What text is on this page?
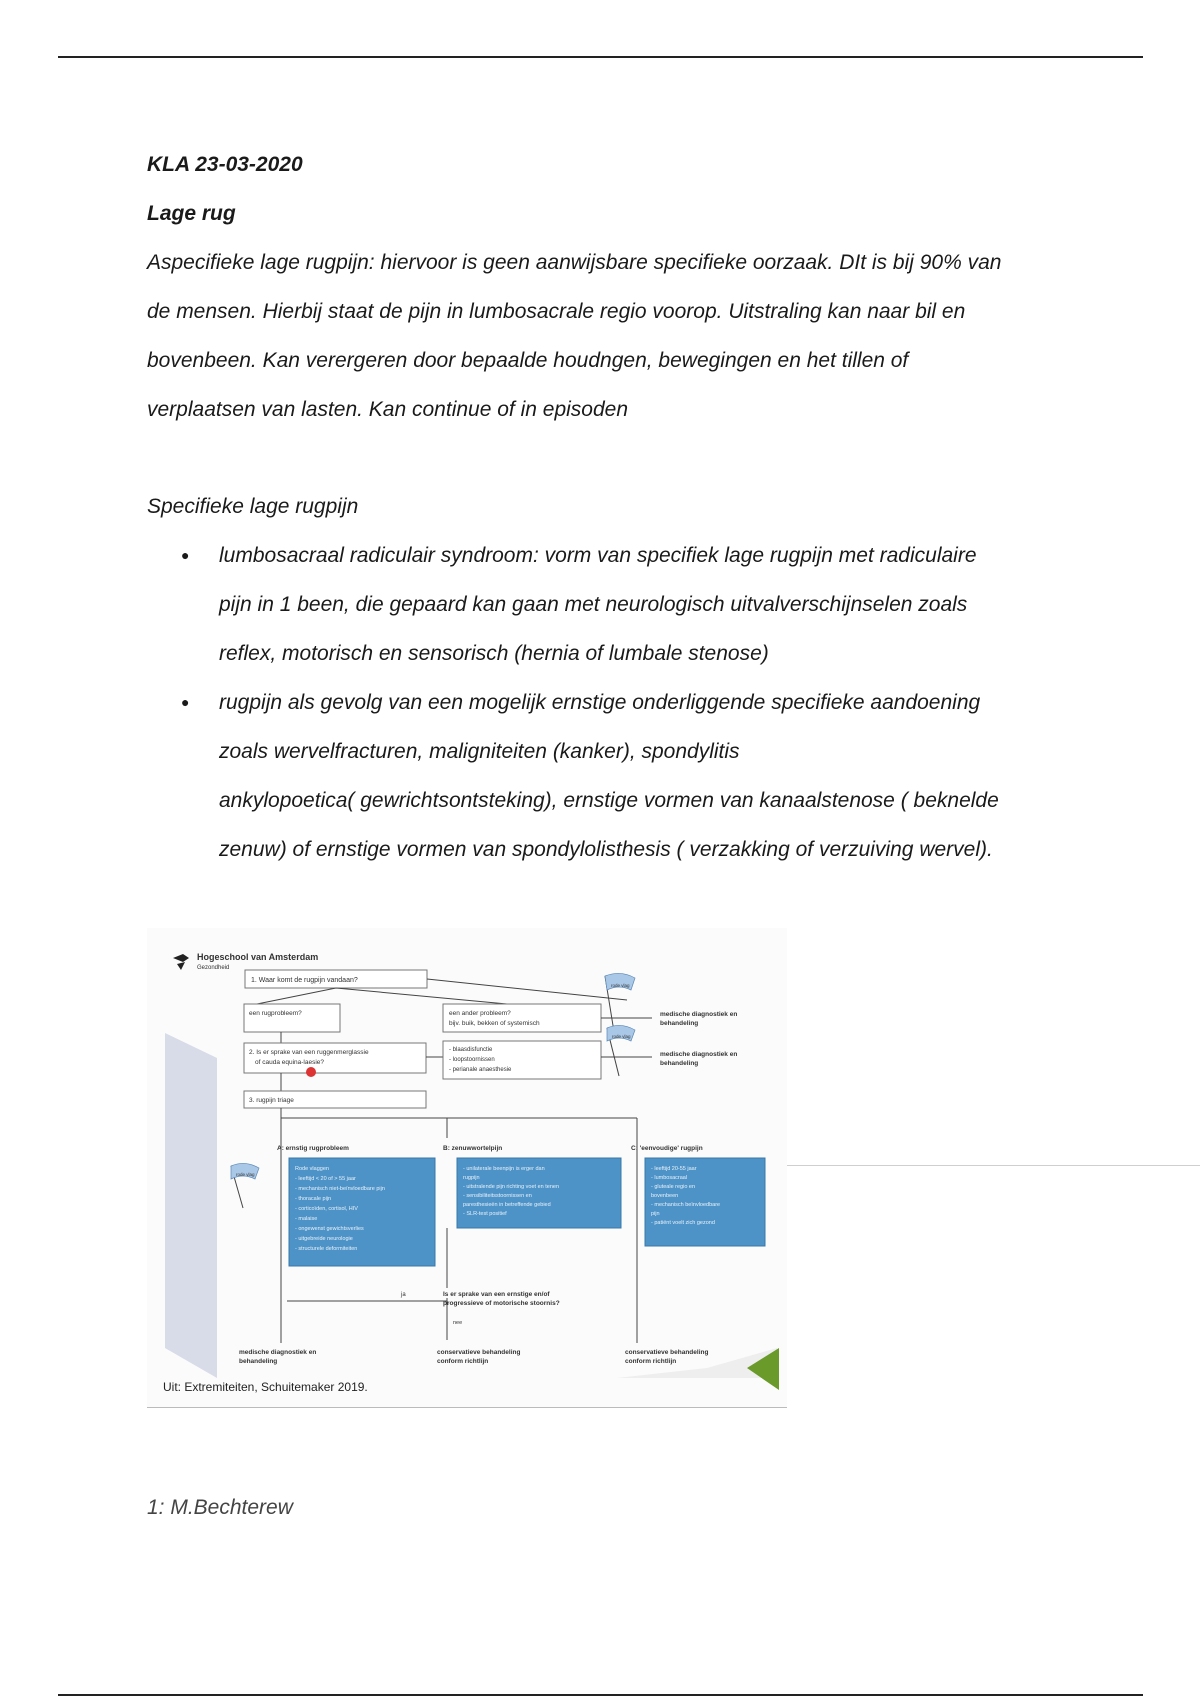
KLA 23-03-2020

Lage rug

Aspecifieke lage rugpijn: hiervoor is geen aanwijsbare specifieke oorzaak. DIt is bij 90% van
de mensen. Hierbij staat de pijn in lumbosacrale regio voorop. Uitstraling kan naar bil en
bovenbeen. Kan verergeren door bepaalde houdngen, bewegingen en het tillen of
verplaatsen van lasten. Kan continue of in episoden

Specifieke lage rugpijn

● lumbosacraal radiculair syndroom: vorm van specifiek lage rugpijn met radiculaire
pijn in 1 been, die gepaard kan gaan met neurologisch uitvalverschijnselen zoals
reflex, motorisch en sensorisch (hernia of lumbale stenose)
● rugpijn als gevolg van een mogelijk ernstige onderliggende specifieke aandoening
zoals wervelfracturen, maligniteiten (kanker), spondylitis
ankylopoetica( gewrichtsontsteking), ernstige vormen van kanaalstenose ( beknelde
zenuw) of ernstige vormen van spondylolisthesis ( verzakking of verzuiving wervel).
Hogeschool van Amsterdam
Gezondheid
1. Waar komt de rugpijn vandaan?
een rugprobleem?	een ander probleem?
bijv. buik, bekken of systemisch
medische diagnostiek en
behandeling
rode vlag
rode vlag
rode vlag
2. Is er sprake van een ruggenmerglassie
of cauda equina-laesie?
- blaasdisfunctie
- loopstoornissen
- perianale anaesthesie
medische diagnostiek en
behandeling
3. rugpijn triage
A: ernstig rugprobleem	B: zenuwwortelpijn	C: 'eenvoudige' rugpijn
Rode vlaggen
- leeftijd < 20 of > 55 jaar
- mechanisch niet-beïnvloedbare pijn
- thoracale pijn
- corticoïden, cortisol, HIV
- malaise
- ongewenst gewichtsverlies
- uitgebreide neurologie
- structurele deformiteiten
- unilaterale beenpijn is erger dan
rugpijn
- uitstralende pijn richting voet en tenen
- sensibiliteitsstoornissen en
paresthesieën in betreffende gebied
- SLR-test positief
- leeftijd 20-55 jaar
- lumbosacraal
- gluteale regio en
bovenbeen
- mechanisch beïnvloedbare
pijn
- patiënt voelt zich gezond
ja	Is er sprake van een ernstige en/of
progressieve of motorische stoornis?
nee
medische diagnostiek en
behandeling
conservatieve behandeling
conform richtlijn
conservatieve behandeling
conform richtlijn
Uit: Extremiteiten, Schuitemaker 2019.
1: M.Bechterew
